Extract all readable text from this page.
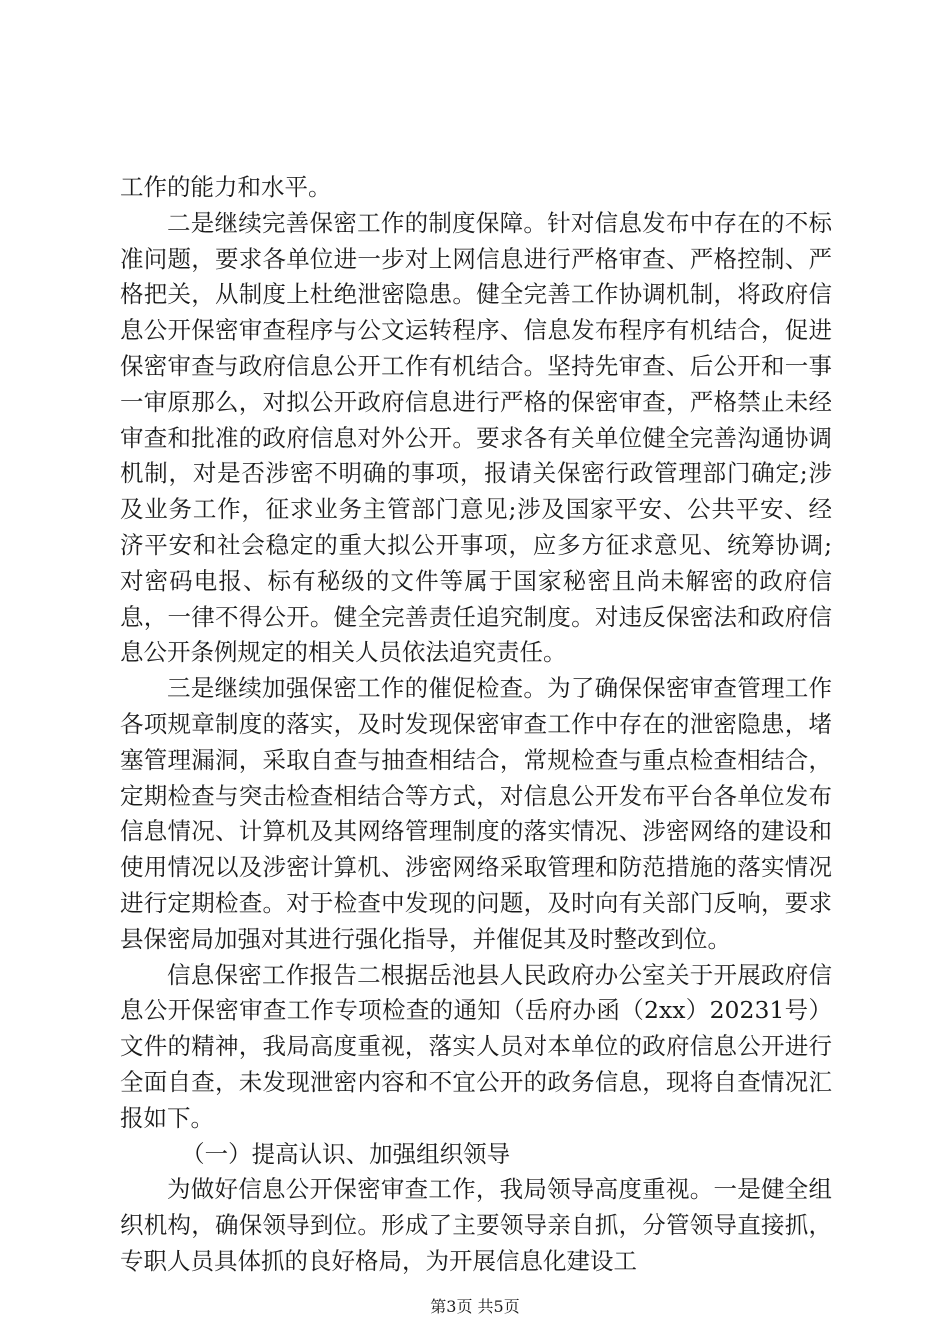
工作的能力和水平。

二是继续完善保密工作的制度保障。针对信息发布中存在的不标准问题，要求各单位进一步对上网信息进行严格审查、严格控制、严格把关，从制度上杜绝泄密隐患。健全完善工作协调机制，将政府信息公开保密审查程序与公文运转程序、信息发布程序有机结合，促进保密审查与政府信息公开工作有机结合。坚持先审查、后公开和一事一审原那么，对拟公开政府信息进行严格的保密审查，严格禁止未经审查和批准的政府信息对外公开。要求各有关单位健全完善沟通协调机制，对是否涉密不明确的事项，报请关保密行政管理部门确定;涉及业务工作，征求业务主管部门意见;涉及国家平安、公共平安、经济平安和社会稳定的重大拟公开事项，应多方征求意见、统筹协调;对密码电报、标有秘级的文件等属于国家秘密且尚未解密的政府信息，一律不得公开。健全完善责任追究制度。对违反保密法和政府信息公开条例规定的相关人员依法追究责任。

三是继续加强保密工作的催促检查。为了确保保密审查管理工作各项规章制度的落实，及时发现保密审查工作中存在的泄密隐患，堵塞管理漏洞，采取自查与抽查相结合，常规检查与重点检查相结合，定期检查与突击检查相结合等方式，对信息公开发布平台各单位发布信息情况、计算机及其网络管理制度的落实情况、涉密网络的建设和使用情况以及涉密计算机、涉密网络采取管理和防范措施的落实情况进行定期检查。对于检查中发现的问题，及时向有关部门反响，要求县保密局加强对其进行强化指导，并催促其及时整改到位。

信息保密工作报告二根据岳池县人民政府办公室关于开展政府信息公开保密审查工作专项检查的通知（岳府办函（2xx）20231号）文件的精神，我局高度重视，落实人员对本单位的政府信息公开进行全面自查，未发现泄密内容和不宜公开的政务信息，现将自查情况汇报如下。

（一）提高认识、加强组织领导

为做好信息公开保密审查工作，我局领导高度重视。一是健全组织机构，确保领导到位。形成了主要领导亲自抓，分管领导直接抓，专职人员具体抓的良好格局，为开展信息化建设工

第3页 共5页
